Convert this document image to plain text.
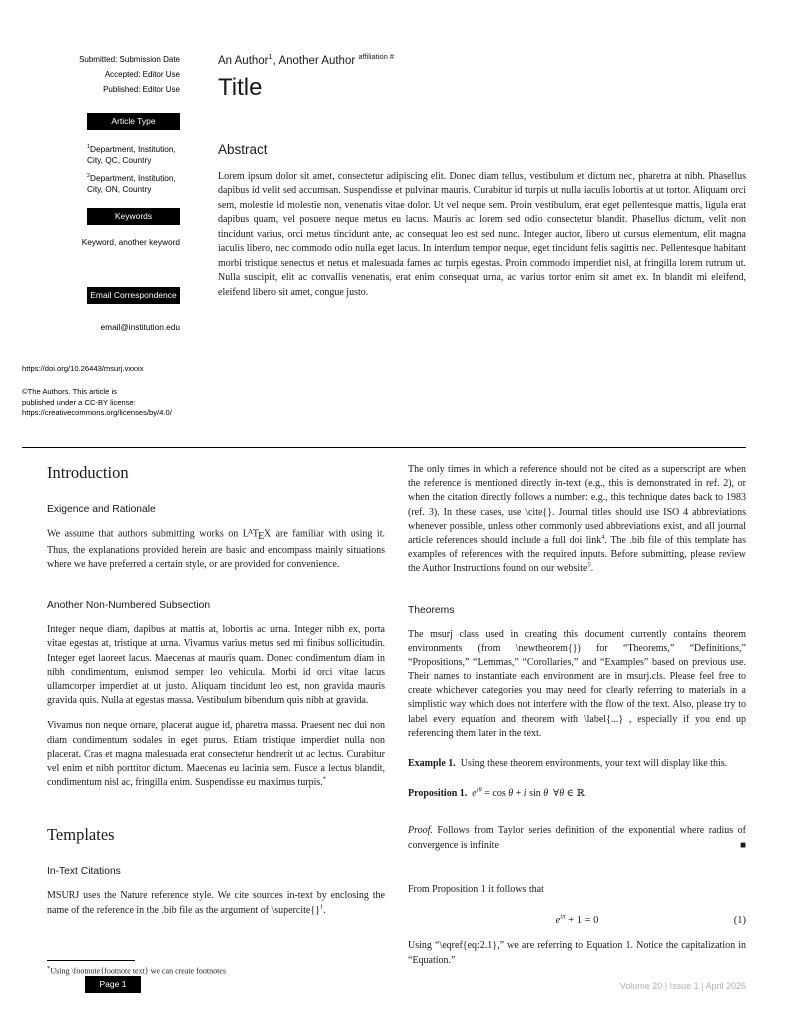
Submitted: Submission Date
Accepted: Editor Use
Published: Editor Use
Article Type
$^1$Department, Institution, City, QC, Country
$^2$Department, Institution, City, ON, Country
Keywords
Keyword, another keyword
Email Correspondence
email@institution.edu
https://doi.org/10.26443/msurj.vxxxx
©The Authors. This article is
published under a CC-BY license:
https://creativecommons.org/licenses/by/4.0/
An Author$^1$, Another Author $^{affiliation \#}$
Title
Abstract

Lorem ipsum dolor sit amet, consectetur adipiscing elit. Donec diam tellus, vestibulum et dictum nec, pharetra at nibh. Phasellus dapibus id velit sed accumsan. Suspendisse et pulvinar mauris. Curabitur id turpis ut nulla iaculis lobortis at ut tortor. Aliquam orci sem, molestie id molestie non, venenatis vitae dolor. Ut vel neque sem. Proin vestibulum, erat eget pellentesque mattis, ligula erat dapibus quam, vel posuere neque metus eu lacus. Mauris ac lorem sed odio consectetur blandit. Phasellus dictum, velit non tincidunt varius, orci metus tincidunt ante, ac consequat leo est sed nunc. Integer auctor, libero ut cursus elementum, elit magna iaculis libero, nec commodo odio nulla eget lacus. In interdum tempor neque, eget tincidunt felis sagittis nec. Pellentesque habitant morbi tristique senectus et netus et malesuada fames ac turpis egestas. Proin commodo imperdiet nisl, at fringilla lorem rutrum ut. Nulla suscipit, elit ac convallis venenatis, erat enim consequat urna, ac varius tortor enim sit amet ex. In blandit mi eleifend, eleifend libero sit amet, congue justo.

Introduction
Exigence and Rationale

We assume that authors submitting works on $L^ATEX$ are familiar with using it. Thus, the explanations provided herein are basic and encompass mainly situations where we have preferred a certain style, or are provided for convenience.

Another Non-Numbered Subsection

Integer neque diam, dapibus at mattis at, lobortis ac urna. Integer nibh ex, porta vitae egestas at, tristique at urna. Vivamus varius metus sed mi finibus sollicitudin. Integer eget laoreet lacus. Maecenas at mauris quam. Donec condimentum diam in nibh condimentum, euismod semper leo vehicula. Morbi id orci vitae lacus ullamcorper imperdiet at ut justo. Aliquam tincidunt leo est, non gravida mauris gravida quis. Nulla at egestas massa. Vestibulum bibendum quis nibh at gravida.

Vivamus non neque ornare, placerat augue id, pharetra massa. Praesent nec dui non diam condimentum sodales in eget purus. Etiam tristique imperdiet nulla non placerat. Cras et magna malesuada erat consectetur hendrerit ut ac lectus. Curabitur vel enim et nibh porttitor dictum. Maecenas eu lacinia sem. Fusce a lectus blandit, condimentum nisl ac, fringilla enim. Suspendisse eu maximus turpis.*

Templates
In-Text Citations

MSURJ uses the Nature reference style. We cite sources in-text by enclosing the name of the reference in the .bib file as the argument of \supercite{}$^1$.

*Using \footnote{footnote text} we can create footnotes

The only times in which a reference should not be cited as a superscript are when the reference is mentioned directly in-text (e.g., this is demonstrated in ref. 2), or when the citation directly follows a number: e.g., this technique dates back to 1983 (ref. 3). In these cases, use \cite{}. Journal titles should use ISO 4 abbreviations whenever possible, unless other commonly used abbreviations exist, and all journal article references should include a full doi link$^4$. The .bib file of this template has examples of references with the required inputs. Before submitting, please review the Author Instructions found on our website$^5$.

Theorems

The msurj class used in creating this document currently contains theorem environments (from \newtheorem{}) for “Theorems,” “Definitions,” “Propositions,” “Lemmas,” “Corollaries,” and “Examples” based on previous use. Their names to instantiate each environment are in msurj.cls. Please feel free to create whichever categories you may need for clearly referring to materials in a simplistic way which does not interfere with the flow of the text. Also, please try to label every equation and theorem with \label{...} , especially if you end up referencing them later in the text.

Example 1.  Using these theorem environments, your text will display like this.

Proposition 1. $e^{i\theta} = \cos \theta + i$ sin θ  ∀θ ∈ ℝ

Proof. Follows from Taylor series definition of the exponential where radius of convergence is infinite	■

From Proposition 1 it follows that

$e^{i\pi} + 1 = 0$	(1)

Using “\eqref{eq:2.1},” we are referring to Equation 1. Notice the capitalization in “Equation.”

Page 1	Volume 20 | Issue 1 | April 2025
